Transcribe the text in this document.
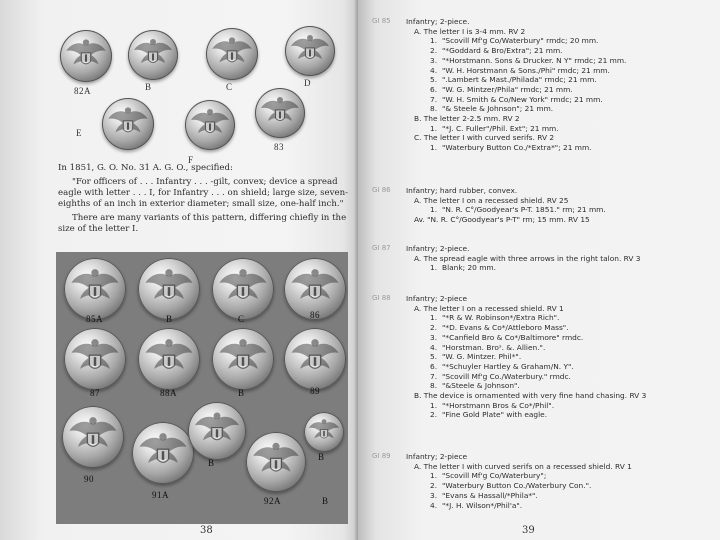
82A	B	C	D
E
F
83

In 1851, G. O. No. 31 A. G. O., specified:

"For officers of . . . Infantry . . . -gilt, convex; device a spread eagle with letter . . . I, for Infantry . . . on shield; large size, seven-eighths of an inch in exterior diameter; small size, one-half inch."

There are many variants of this pattern, differing chiefly in the size of the letter I.

85A	B	C	86
87	88A	B	89
90
B
B
91A
92A	B
38
GI 85	Infantry; 2-piece.
A. The letter I is 3-4 mm. RV 2
1. "Scovill Mf'g Co/Waterbury" rmdc; 20 mm.
2. "*Goddard & Bro/Extra"; 21 mm.
3. "*Horstmann. Sons & Drucker. N Y" rmdc; 21 mm.
4. "W. H. Horstmann & Sons./Phi" rmdc; 21 mm.
5. ".Lambert & Mast./Philada" rmdc; 21 mm.
6. "W. G. Mintzer/Phila" rmdc; 21 mm.
7. "W. H. Smith & Co/New York" rmdc; 21 mm.
8. "& Steele & Johnson"; 21 mm.
B. The letter 2-2.5 mm. RV 2
1. "*J. C. Fuller"/Phil. Ext"; 21 mm.
C. The letter I with curved serifs. RV 2
1. "Waterbury Button Co./*Extra*"; 21 mm.
GI 86	Infantry; hard rubber, convex.
A. The letter I on a recessed shield. RV 25
1. "N. R. C°/Goodyear's P-T. 1851." rm; 21 mm.
Av. "N. R. C°/Goodyear's P-T" rm; 15 mm. RV 15
GI 87	Infantry; 2-piece.
A. The spread eagle with three arrows in the right talon. RV 3
1. Blank; 20 mm.
GI 88	Infantry; 2-piece
A. The letter I on a recessed shield. RV 1
1. "*R & W. Robinson*/Extra Rich".
2. "*D. Evans & Co*/Attleboro Mass".
3. "*Canfield Bro & Co*/Baltimore" rmdc.
4. "Horstman. Broˢ. &. Allien.".
5. "W. G. Mintzer. Phil*".
6. "*Schuyler Hartley & Graham/N. Y".
7. "Scovill Mf'g Co./Waterbury." rmdc.
8. "&Steele & Johnson".
B. The device is ornamented with very fine hand chasing. RV 3
1. "*Horstmann Bros & Co*/Phil".
2. "Fine Gold Plate" with eagle.
GI 89	Infantry; 2-piece
A. The letter I with curved serifs on a recessed shield. RV 1
1. "Scovill Mf'g Co/Waterbury";
2. "Waterbury Button Co./Waterbury Con.".
3. "Evans & Hassall/*Phila*".
4. "*J. H. Wilson*/Phil'a".
39
